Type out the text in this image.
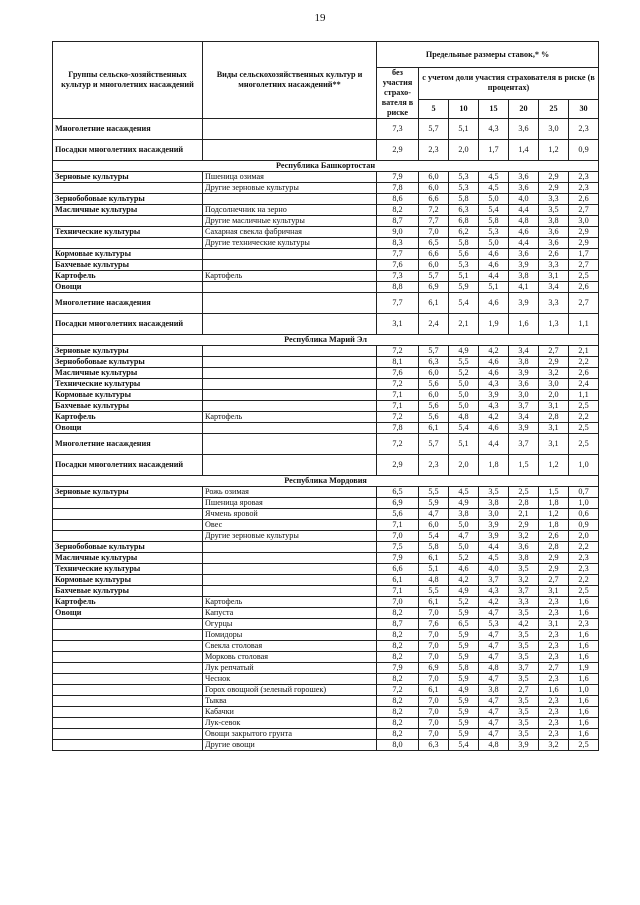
19
Группы сельско-хозяйственных культур и многолетних насаждений	Виды сельскохозяйственных культур и многолетних насаждений**	Предельные размеры ставок,* %						
		без участия страхо-вателя в риске	с учетом доли участия страхователя в риске (в процентах)					
			5	10	15	20	25	30
Многолетние насаждения		7,3	5,7	5,1	4,3	3,6	3,0	2,3
Посадки многолетних насаждений		2,9	2,3	2,0	1,7	1,4	1,2	0,9
Республика Башкортостан								
Зерновые культуры	Пшеница озимая	7,9	6,0	5,3	4,5	3,6	2,9	2,3
	Другие зерновые культуры	7,8	6,0	5,3	4,5	3,6	2,9	2,3
Зернобобовые культуры		8,6	6,6	5,8	5,0	4,0	3,3	2,6
Масличные культуры	Подсолнечник на зерно	8,2	7,2	6,3	5,4	4,4	3,5	2,7
	Другие масличные культуры	8,7	7,7	6,8	5,8	4,8	3,8	3,0
Технические культуры	Сахарная свекла фабричная	9,0	7,0	6,2	5,3	4,6	3,6	2,9
	Другие технические культуры	8,3	6,5	5,8	5,0	4,4	3,6	2,9
Кормовые культуры		7,7	6,6	5,6	4,6	3,6	2,6	1,7
Бахчевые культуры		7,6	6,0	5,3	4,6	3,9	3,3	2,7
Картофель	Картофель	7,3	5,7	5,1	4,4	3,8	3,1	2,5
Овощи		8,8	6,9	5,9	5,1	4,1	3,4	2,6
Многолетние насаждения		7,7	6,1	5,4	4,6	3,9	3,3	2,7
Посадки многолетних насаждений		3,1	2,4	2,1	1,9	1,6	1,3	1,1
Республика Марий Эл								
Зерновые культуры		7,2	5,7	4,9	4,2	3,4	2,7	2,1
Зернобобовые культуры		8,1	6,3	5,5	4,6	3,8	2,9	2,2
Масличные культуры		7,6	6,0	5,2	4,6	3,9	3,2	2,6
Технические культуры		7,2	5,6	5,0	4,3	3,6	3,0	2,4
Кормовые культуры		7,1	6,0	5,0	3,9	3,0	2,0	1,1
Бахчевые культуры		7,1	5,6	5,0	4,3	3,7	3,1	2,5
Картофель	Картофель	7,2	5,6	4,8	4,2	3,4	2,8	2,2
Овощи		7,8	6,1	5,4	4,6	3,9	3,1	2,5
Многолетние насаждения		7,2	5,7	5,1	4,4	3,7	3,1	2,5
Посадки многолетних насаждений		2,9	2,3	2,0	1,8	1,5	1,2	1,0
Республика Мордовия								
Зерновые культуры	Рожь озимая	6,5	5,5	4,5	3,5	2,5	1,5	0,7
	Пшеница яровая	6,9	5,9	4,9	3,8	2,8	1,8	1,0
	Ячмень яровой	5,6	4,7	3,8	3,0	2,1	1,2	0,6
	Овес	7,1	6,0	5,0	3,9	2,9	1,8	0,9
	Другие зерновые культуры	7,0	5,4	4,7	3,9	3,2	2,6	2,0
Зернобобовые культуры		7,5	5,8	5,0	4,4	3,6	2,8	2,2
Масличные культуры		7,9	6,1	5,2	4,5	3,8	2,9	2,3
Технические культуры		6,6	5,1	4,6	4,0	3,5	2,9	2,3
Кормовые культуры		6,1	4,8	4,2	3,7	3,2	2,7	2,2
Бахчевые культуры		7,1	5,5	4,9	4,3	3,7	3,1	2,5
Картофель	Картофель	7,0	6,1	5,2	4,2	3,3	2,3	1,6
Овощи	Капуста	8,2	7,0	5,9	4,7	3,5	2,3	1,6
	Огурцы	8,7	7,6	6,5	5,3	4,2	3,1	2,3
	Помидоры	8,2	7,0	5,9	4,7	3,5	2,3	1,6
	Свекла столовая	8,2	7,0	5,9	4,7	3,5	2,3	1,6
	Морковь столовая	8,2	7,0	5,9	4,7	3,5	2,3	1,6
	Лук репчатый	7,9	6,9	5,8	4,8	3,7	2,7	1,9
	Чеснок	8,2	7,0	5,9	4,7	3,5	2,3	1,6
	Горох овощной (зеленый горошек)	7,2	6,1	4,9	3,8	2,7	1,6	1,0
	Тыква	8,2	7,0	5,9	4,7	3,5	2,3	1,6
	Кабачки	8,2	7,0	5,9	4,7	3,5	2,3	1,6
	Лук-севок	8,2	7,0	5,9	4,7	3,5	2,3	1,6
	Овощи закрытого грунта	8,2	7,0	5,9	4,7	3,5	2,3	1,6
	Другие овощи	8,0	6,3	5,4	4,8	3,9	3,2	2,5
